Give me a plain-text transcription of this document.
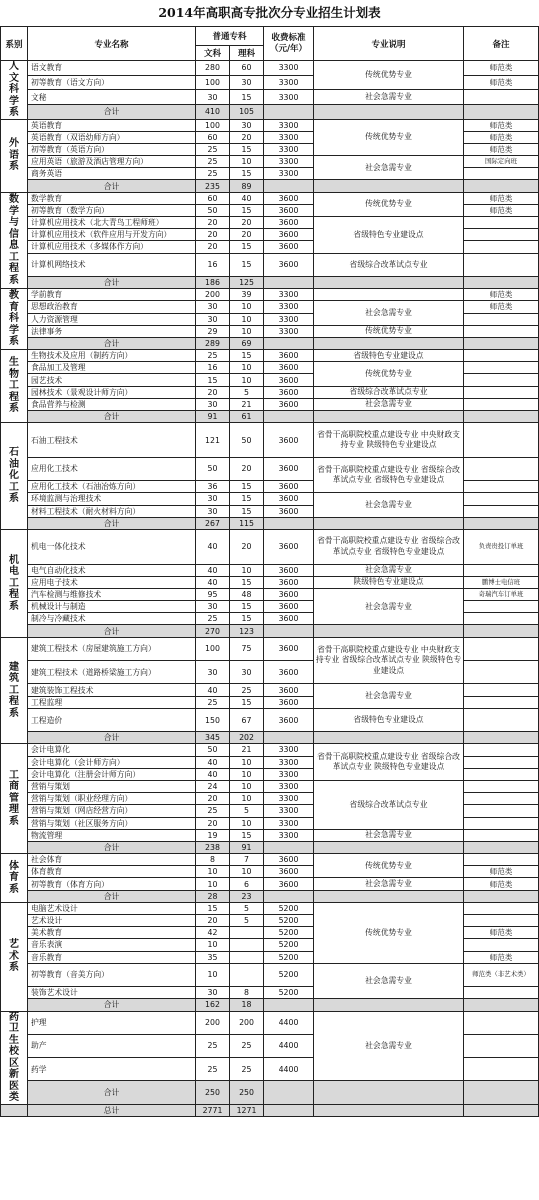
2014年高职高专批次分专业招生计划表
系别	专业名称	普通专科		收费标准（元/年）	专业说明	备注
		文科	理科			

人文科学系	语文教育	280	60	3300	传统优势专业	师范类
	初等教育（语文方向）	100	30	3300		师范类
	文秘	30	15	3300	社会急需专业	
	合计	410	105			

外语系	英语教育	100	30	3300	传统优势专业	师范类
	英语教育（双语幼师方向）	60	20	3300		师范类
	初等教育（英语方向）	25	15	3300		师范类
	应用英语（旅游及酒店管理方向）	25	10	3300	社会急需专业	国际定向班
	商务英语	25	15	3300		
	合计	235	89			

数学与信息工程系	数学教育	60	40	3600	传统优势专业	师范类
	初等教育（数学方向）	50	15	3600		师范类
	计算机应用技术（北大青鸟工程师班）	20	20	3600	省级特色专业建设点	
	计算机应用技术（软件应用与开发方向）	20	20	3600		
	计算机应用技术（多媒体作方向）	20	15	3600		
	计算机网络技术	16	15	3600	省级综合改革试点专业	
	合计	186	125			

教育科学系	学前教育	200	39	3300		师范类
	思想政治教育	30	10	3300	社会急需专业	师范类
	人力资源管理	30	10	3300		
	法律事务	29	10	3300	传统优势专业	
	合计	289	69			

生物工程系	生物技术及应用（制药方向）	25	15	3600	省级特色专业建设点	
	食品加工及管理	16	10	3600	传统优势专业	
	园艺技术	15	10	3600		
	园林技术（景观设计师方向）	20	5	3600	省级综合改革试点专业	
	食品营养与检测	30	21	3600	社会急需专业	
	合计	91	61			

石油化工系	石油工程技术	121	50	3600	省骨干高职院校重点建设专业 中央财政支持专业 陕级特色专业建设点	
	应用化工技术	50	20	3600	省骨干高职院校重点建设专业 省级综合改革试点专业 省级特色专业建设点	
	应用化工技术（石油冶炼方向）	36	15	3600		
	环境监测与治理技术	30	15	3600	社会急需专业	
	材料工程技术（耐火材料方向）	30	15	3600		
	合计	267	115			

机电工程系	机电一体化技术	40	20	3600	省骨干高职院校重点建设专业 省级综合改革试点专业 省级特色专业建设点	负责贵投订单班
	电气自动化技术	40	10	3600	社会急需专业	
	应用电子技术	40	15	3600	陕级特色专业建设点	鹏博士电信班
	汽车检测与维修技术	95	48	3600	社会急需专业	奇瑞汽车订单班
	机械设计与制造	30	15	3600		
	制冷与冷藏技术	25	15	3600		
	合计	270	123			

建筑工程系	建筑工程技术（房屋建筑施工方向）	100	75	3600	省骨干高职院校重点建设专业 中央财政支持专业 省级综合改革试点专业 陕级特色专业建设点	
	建筑工程技术（道路桥梁施工方向）	30	30	3600		
	建筑装饰工程技术	40	25	3600	社会急需专业	
	工程监理	25	15	3600		
	工程造价	150	67	3600	省级特色专业建设点	
	合计	345	202			

工商管理系	会计电算化	50	21	3300	省骨干高职院校重点建设专业 省级综合改革试点专业 陕级特色专业建设点	
	会计电算化（会计师方向）	40	10	3300		
	会计电算化（注册会计师方向）	40	10	3300		
	营销与策划	24	10	3300	省级综合改革试点专业	
	营销与策划（职业经理方向）	20	10	3300		
	营销与策划（网店经营方向）	25	5	3300		
	营销与策划（社区服务方向）	20	10	3300		
	物流管理	19	15	3300	社会急需专业	
	合计	238	91			

体育系	社会体育	8	7	3600	传统优势专业	
	体育教育	10	10	3600		师范类
	初等教育（体育方向）	10	6	3600	社会急需专业	师范类
	合计	28	23			

艺术系	电脑艺术设计	15	5	5200	传统优势专业	
	艺术设计	20	5	5200		
	美术教育	42		5200		师范类
	音乐表演	10		5200		
	音乐教育	35		5200		师范类
	初等教育（音美方向）	10		5200	社会急需专业	师范类（非艺术类）
	装饰艺术设计	30	8	5200		
	合计	162	18			

药卫生校区新医类	护理	200	200	4400	社会急需专业	
	助产	25	25	4400		
	药学	25	25	4400		
	合计	250	250			
	总计	2771	1271			
